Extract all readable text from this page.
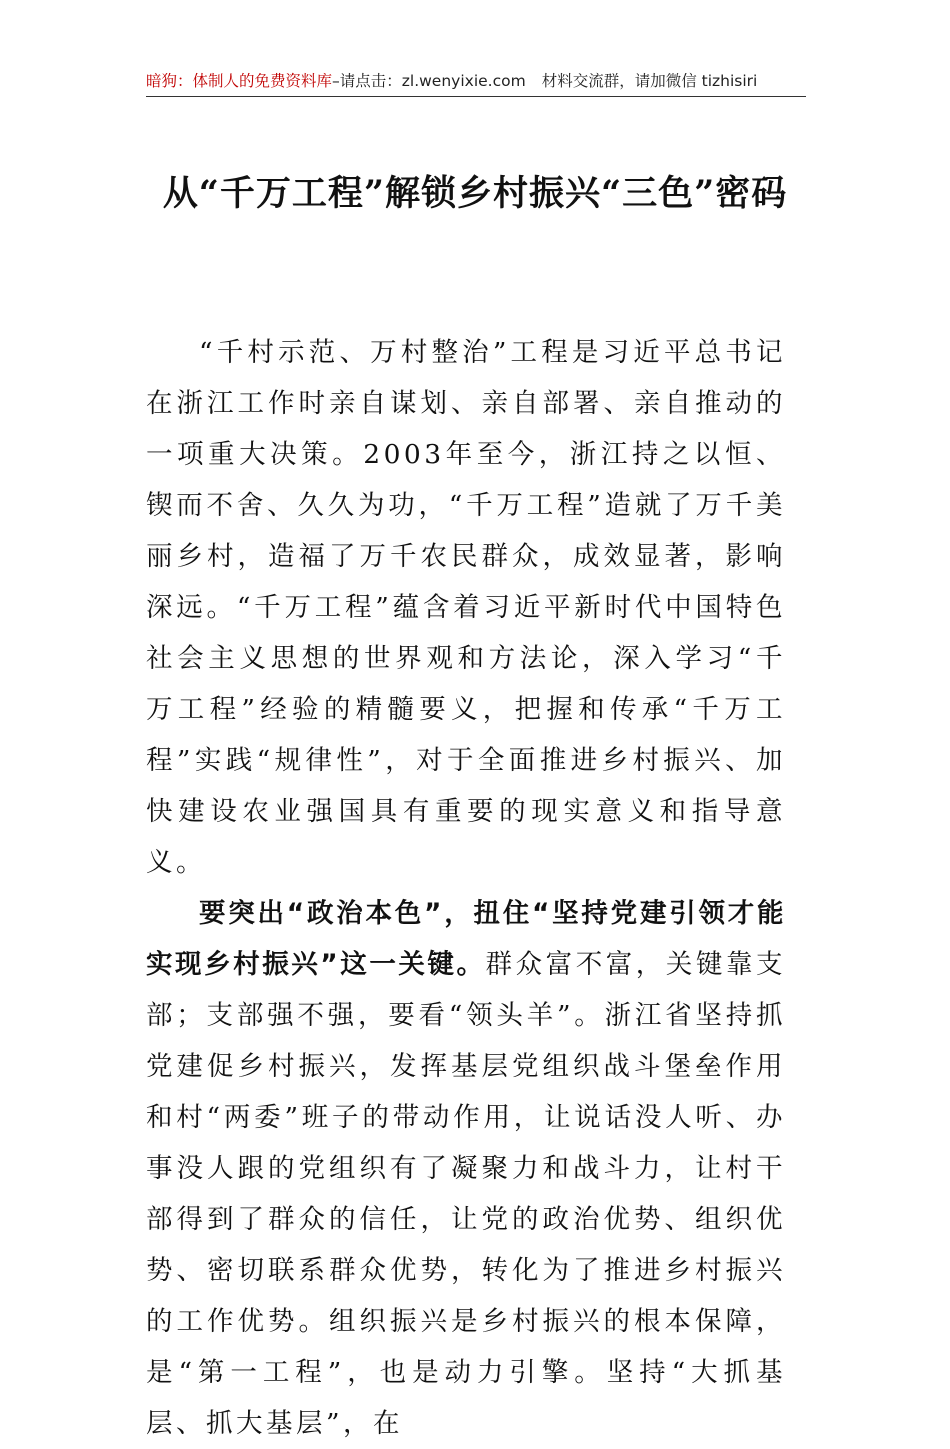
暗狗：体制人的免费资料库–请点击：zl.wenyixie.com 材料交流群，请加微信 tizhisiri
从“千万工程”解锁乡村振兴“三色”密码

“千村示范、万村整治”工程是习近平总书记在浙江工作时亲自谋划、亲自部署、亲自推动的一项重大决策。2003年至今，浙江持之以恒、锲而不舍、久久为功，“千万工程”造就了万千美丽乡村，造福了万千农民群众，成效显著，影响深远。“千万工程”蕴含着习近平新时代中国特色社会主义思想的世界观和方法论，深入学习“千万工程”经验的精髓要义，把握和传承“千万工程”实践“规律性”，对于全面推进乡村振兴、加快建设农业强国具有重要的现实意义和指导意义。

要突出“政治本色”，扭住“坚持党建引领才能实现乡村振兴”这一关键。群众富不富，关键靠支部；支部强不强，要看“领头羊”。浙江省坚持抓党建促乡村振兴，发挥基层党组织战斗堡垒作用和村“两委”班子的带动作用，让说话没人听、办事没人跟的党组织有了凝聚力和战斗力，让村干部得到了群众的信任，让党的政治优势、组织优势、密切联系群众优势，转化为了推进乡村振兴的工作优势。组织振兴是乡村振兴的根本保障，是“第一工程”，也是动力引擎。坚持“大抓基层、抓大基层”，在
